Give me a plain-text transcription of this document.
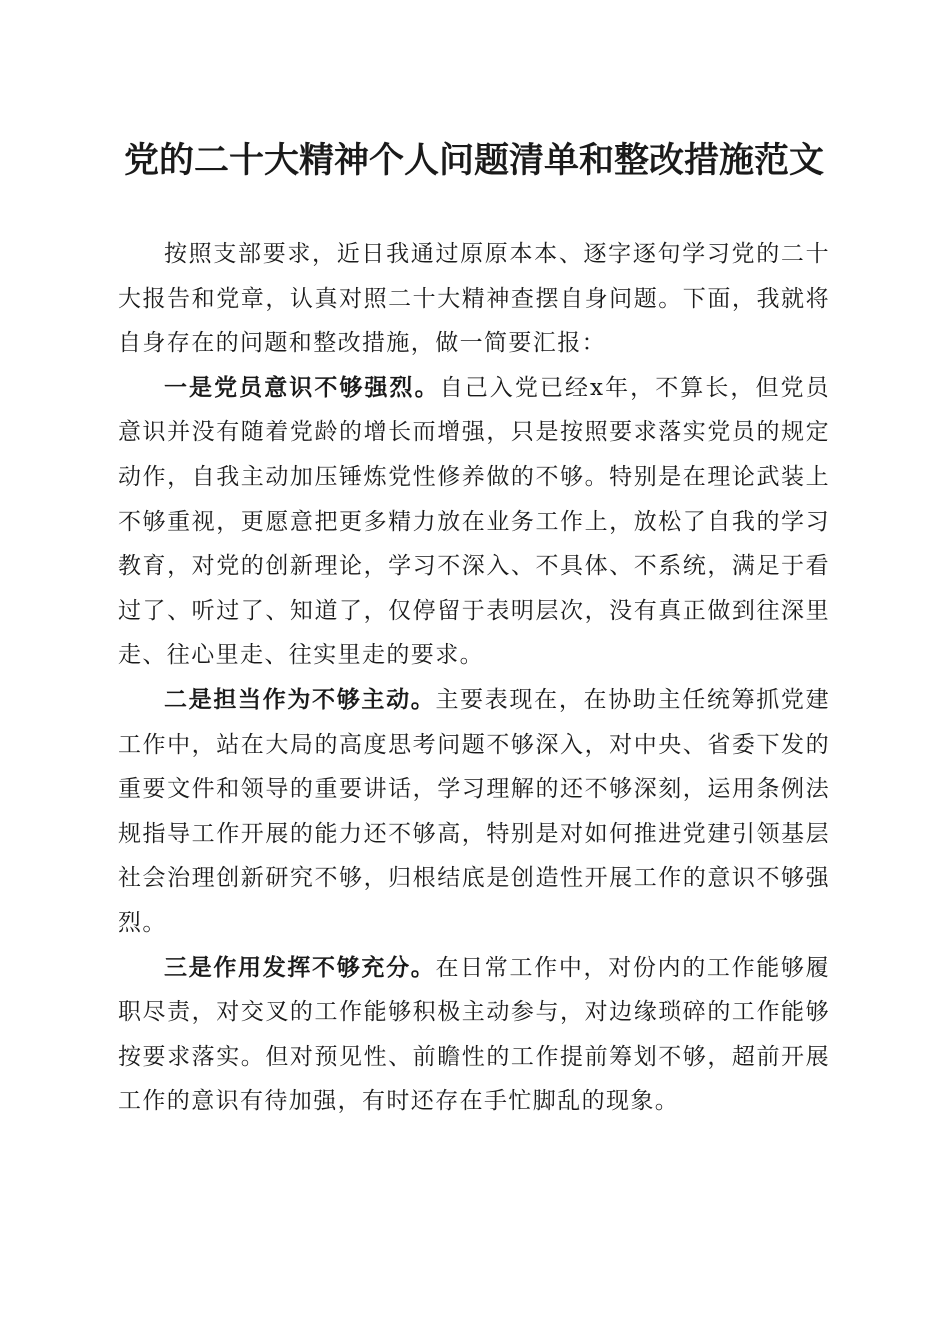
党的二十大精神个人问题清单和整改措施范文

按照支部要求，近日我通过原原本本、逐字逐句学习党的二十大报告和党章，认真对照二十大精神查摆自身问题。下面，我就将自身存在的问题和整改措施，做一简要汇报：

一是党员意识不够强烈。自己入党已经x年，不算长，但党员意识并没有随着党龄的增长而增强，只是按照要求落实党员的规定动作，自我主动加压锤炼党性修养做的不够。特别是在理论武装上不够重视，更愿意把更多精力放在业务工作上，放松了自我的学习教育，对党的创新理论，学习不深入、不具体、不系统，满足于看过了、听过了、知道了，仅停留于表明层次，没有真正做到往深里走、往心里走、往实里走的要求。

二是担当作为不够主动。主要表现在，在协助主任统筹抓党建工作中，站在大局的高度思考问题不够深入，对中央、省委下发的重要文件和领导的重要讲话，学习理解的还不够深刻，运用条例法规指导工作开展的能力还不够高，特别是对如何推进党建引领基层社会治理创新研究不够，归根结底是创造性开展工作的意识不够强烈。

三是作用发挥不够充分。在日常工作中，对份内的工作能够履职尽责，对交叉的工作能够积极主动参与，对边缘琐碎的工作能够按要求落实。但对预见性、前瞻性的工作提前筹划不够，超前开展工作的意识有待加强，有时还存在手忙脚乱的现象。
